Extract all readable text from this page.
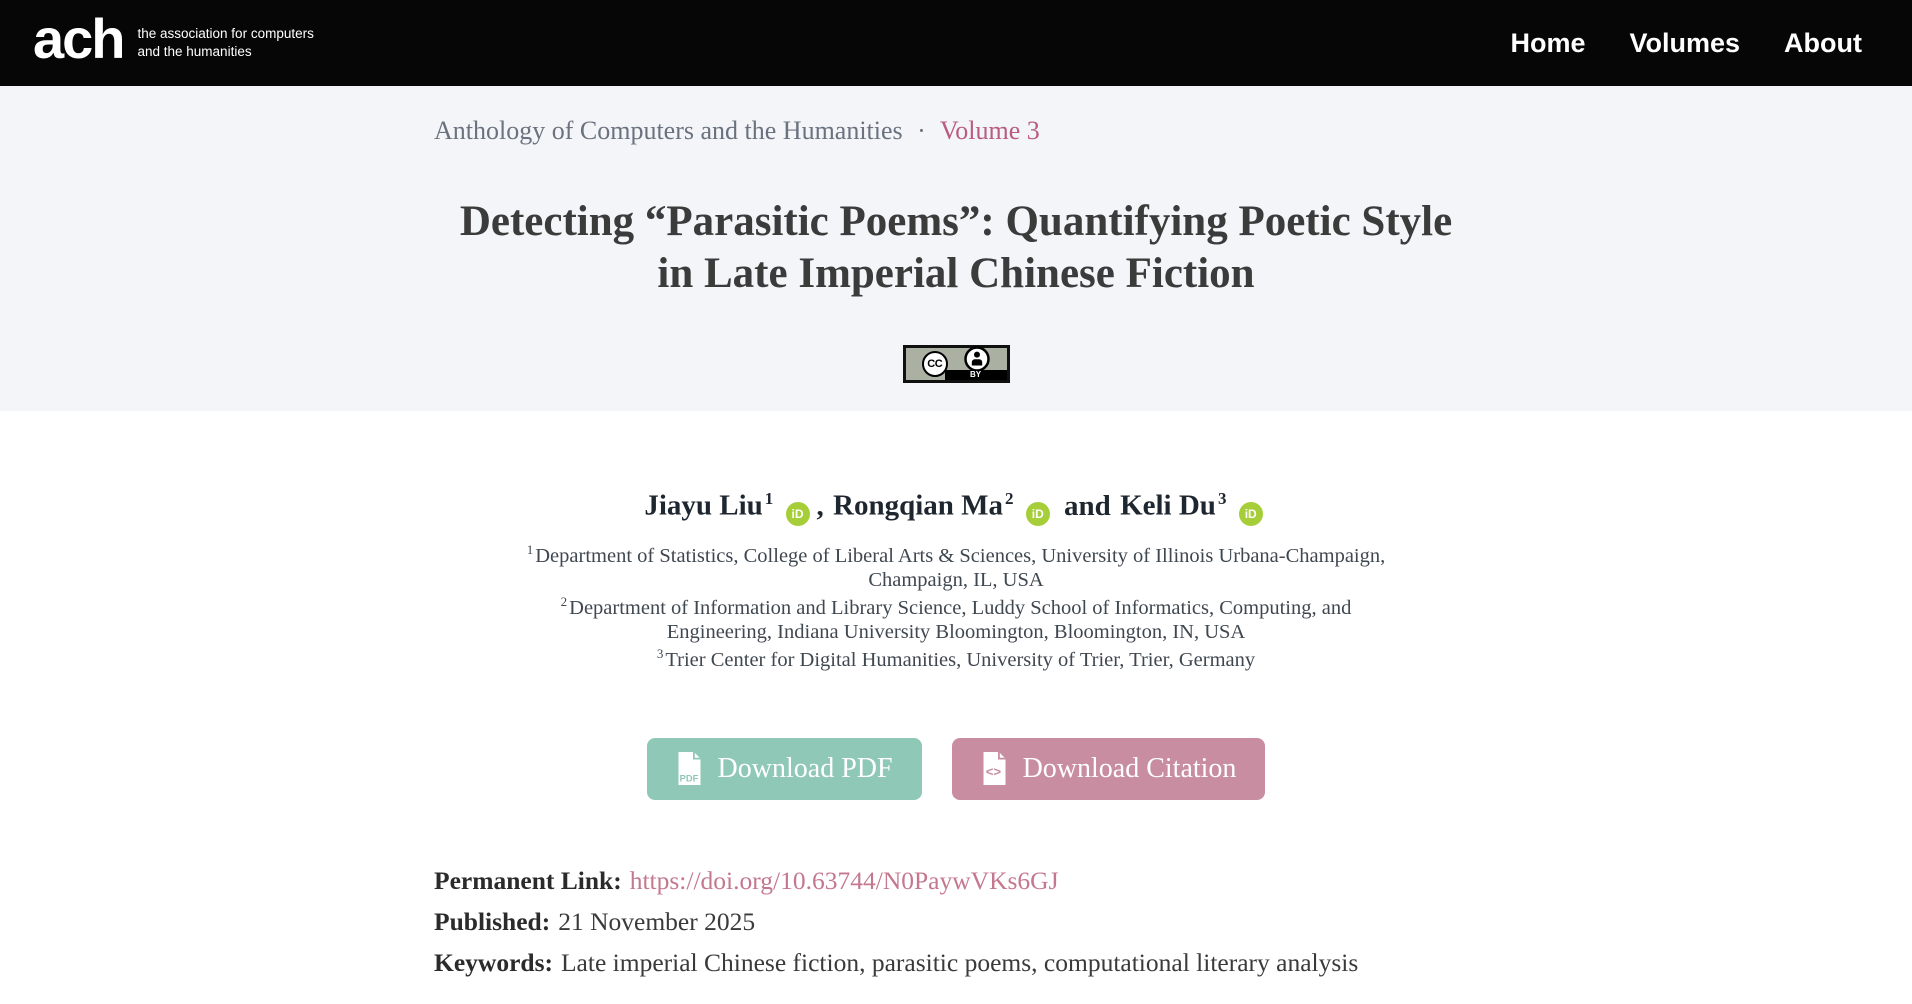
ach the association for computers
and the humanities	Home Volumes About
Anthology of Computers and the Humanities · Volume 3
Detecting “Parasitic Poems”: Quantifying Poetic Style in Late Imperial Chinese Fiction
CC
BY
Jiayu Liu $^1$ iD , Rongqian Ma $^2$ iD and Keli Du $^3$ iD
$^1$Department of Statistics, College of Liberal Arts & Sciences, University of Illinois Urbana-Champaign, Champaign, IL, USA
$^2$Department of Information and Library Science, Luddy School of Informatics, Computing, and Engineering, Indiana University Bloomington, Bloomington, IN, USA
$^3$Trier Center for Digital Humanities, University of Trier, Trier, Germany
PDF Download PDF	<> Download Citation
Permanent Link: https://doi.org/10.63744/N0PaywVKs6GJ
Published: 21 November 2025
Keywords: Late imperial Chinese fiction, parasitic poems, computational literary analysis
